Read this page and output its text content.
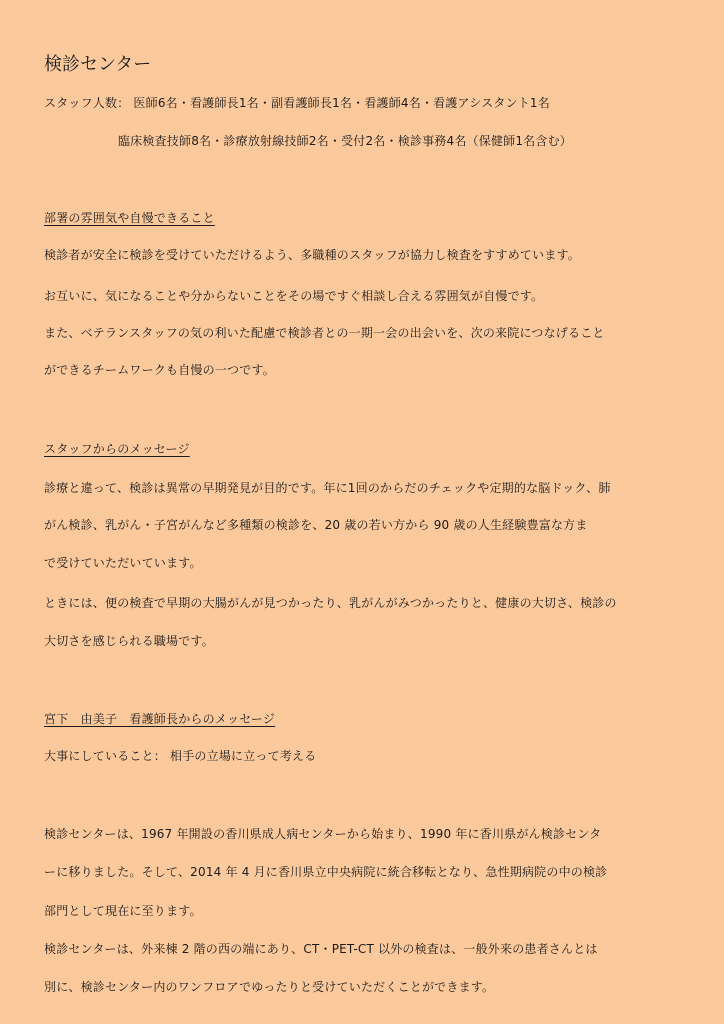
検診センター
スタッフ人数： 医師6名・看護師長1名・副看護師長1名・看護師4名・看護アシスタント1名
臨床検査技師8名・診療放射線技師2名・受付2名・検診事務4名（保健師1名含む）
部署の雰囲気や自慢できること
検診者が安全に検診を受けていただけるよう、多職種のスタッフが協力し検査をすすめています。
お互いに、気になることや分からないことをその場ですぐ相談し合える雰囲気が自慢です。
また、ベテランスタッフの気の利いた配慮で検診者との一期一会の出会いを、次の来院につなげること
ができるチームワークも自慢の一つです。
スタッフからのメッセージ
診療と違って、検診は異常の早期発見が目的です。年に1回のからだのチェックや定期的な脳ドック、肺
がん検診、乳がん・子宮がんなど多種類の検診を、20 歳の若い方から 90 歳の人生経験豊富な方ま
で受けていただいています。
ときには、便の検査で早期の大腸がんが見つかったり、乳がんがみつかったりと、健康の大切さ、検診の
大切さを感じられる職場です。
宮下　由美子　看護師長からのメッセージ
大事にしていること： 相手の立場に立って考える
検診センターは、1967 年開設の香川県成人病センターから始まり、1990 年に香川県がん検診センタ
ーに移りました。そして、2014 年 4 月に香川県立中央病院に統合移転となり、急性期病院の中の検診
部門として現在に至ります。
検診センターは、外来棟 2 階の西の端にあり、CT・PET-CT 以外の検査は、一般外来の患者さんとは
別に、検診センター内のワンフロアでゆったりと受けていただくことができます。
